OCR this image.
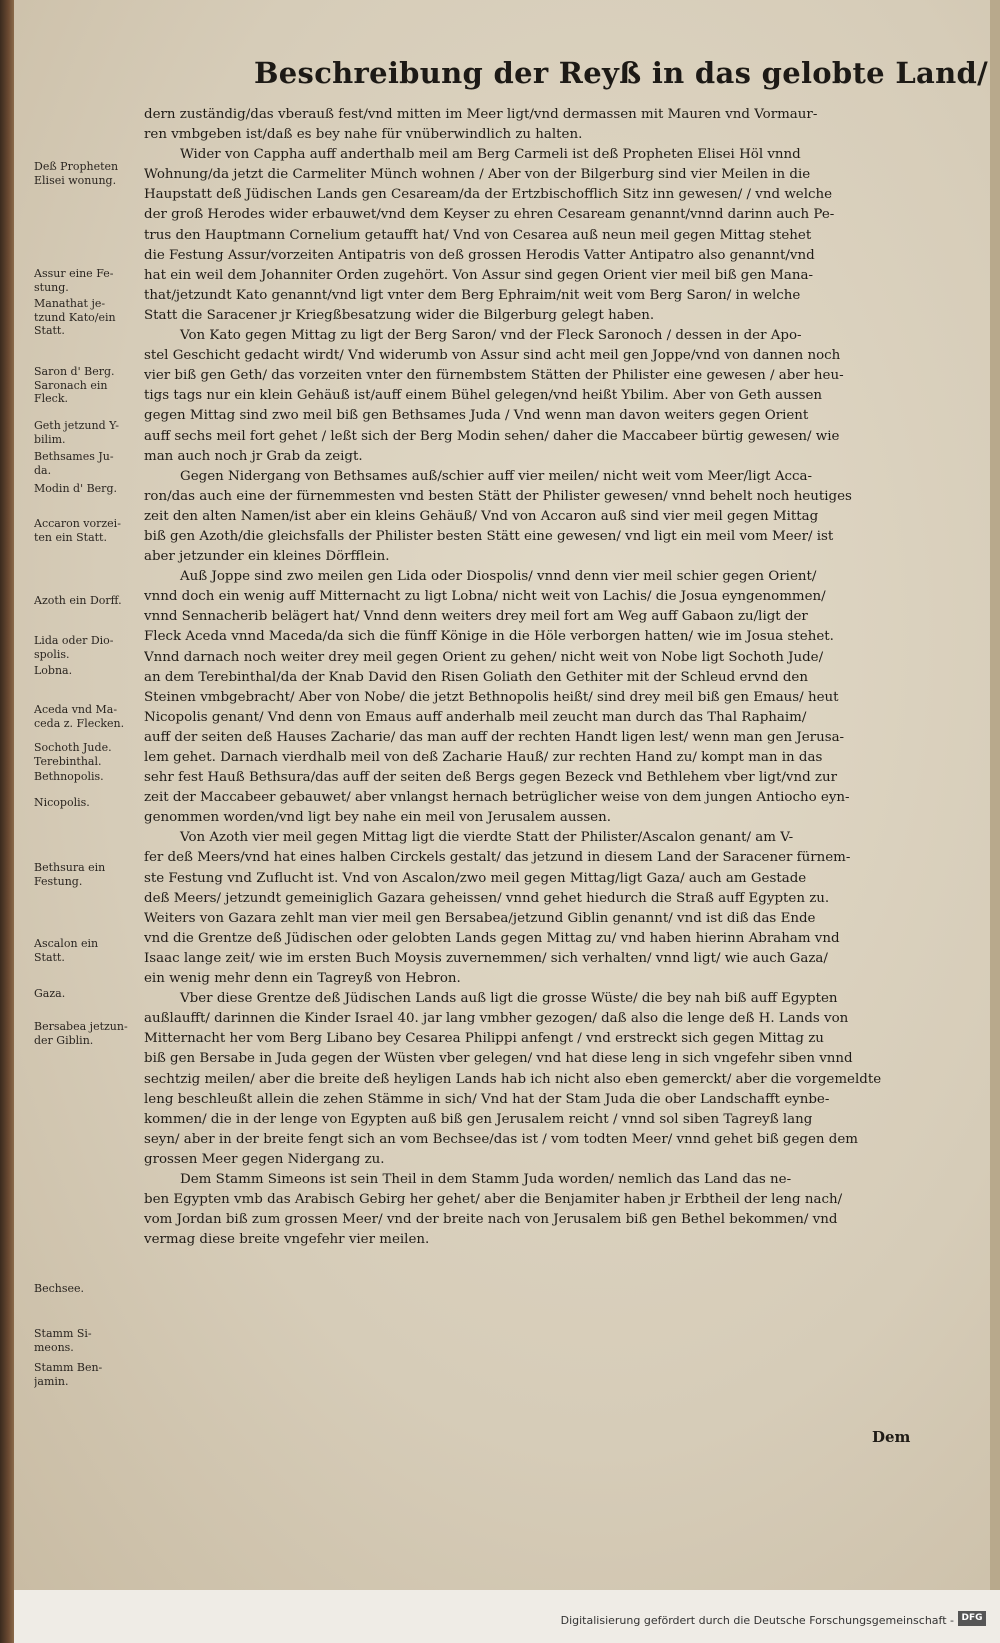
Beschreibung der Reyß in das gelobte Land/
dern zuständig/das vberauß fest/vnd mitten im Meer ligt/vnd dermassen mit Mauren vnd Vormaur-
ren vmbgeben ist/daß es bey nahe für vnüberwindlich zu halten.
Wider von Cappha auff anderthalb meil am Berg Carmeli ist deß Propheten Elisei Höl vnnd
Wohnung/da jetzt die Carmeliter Münch wohnen / Aber von der Bilgerburg sind vier Meilen in die
Haupstatt deß Jüdischen Lands gen Cesaream/da der Ertzbischofflich Sitz inn gewesen/ / vnd welche
der groß Herodes wider erbauwet/vnd dem Keyser zu ehren Cesaream genannt/vnnd darinn auch Pe-
trus den Hauptmann Cornelium getaufft hat/ Vnd von Cesarea auß neun meil gegen Mittag stehet
die Festung Assur/vorzeiten Antipatris von deß grossen Herodis Vatter Antipatro also genannt/vnd
hat ein weil dem Johanniter Orden zugehört. Von Assur sind gegen Orient vier meil biß gen Mana-
that/jetzundt Kato genannt/vnd ligt vnter dem Berg Ephraim/nit weit vom Berg Saron/ in welche
Statt die Saracener jr Kriegßbesatzung wider die Bilgerburg gelegt haben.
Von Kato gegen Mittag zu ligt der Berg Saron/ vnd der Fleck Saronoch / dessen in der Apo-
stel Geschicht gedacht wirdt/ Vnd widerumb von Assur sind acht meil gen Joppe/vnd von dannen noch
vier biß gen Geth/ das vorzeiten vnter den fürnembstem Stätten der Philister eine gewesen / aber heu-
tigs tags nur ein klein Gehäuß ist/auff einem Bühel gelegen/vnd heißt Ybilim. Aber von Geth aussen
gegen Mittag sind zwo meil biß gen Bethsames Juda / Vnd wenn man davon weiters gegen Orient
auff sechs meil fort gehet / leßt sich der Berg Modin sehen/ daher die Maccabeer bürtig gewesen/ wie
man auch noch jr Grab da zeigt.
Gegen Nidergang von Bethsames auß/schier auff vier meilen/ nicht weit vom Meer/ligt Acca-
ron/das auch eine der fürnemmesten vnd besten Stätt der Philister gewesen/ vnnd behelt noch heutiges
zeit den alten Namen/ist aber ein kleins Gehäuß/ Vnd von Accaron auß sind vier meil gegen Mittag
biß gen Azoth/die gleichsfalls der Philister besten Stätt eine gewesen/ vnd ligt ein meil vom Meer/ ist
aber jetzunder ein kleines Dörfflein.
Auß Joppe sind zwo meilen gen Lida oder Diospolis/ vnnd denn vier meil schier gegen Orient/
vnnd doch ein wenig auff Mitternacht zu ligt Lobna/ nicht weit von Lachis/ die Josua eyngenommen/
vnnd Sennacherib belägert hat/ Vnnd denn weiters drey meil fort am Weg auff Gabaon zu/ligt der
Fleck Aceda vnnd Maceda/da sich die fünff Könige in die Höle verborgen hatten/ wie im Josua stehet.
Vnnd darnach noch weiter drey meil gegen Orient zu gehen/ nicht weit von Nobe ligt Sochoth Jude/
an dem Terebinthal/da der Knab David den Risen Goliath den Gethiter mit der Schleud ervnd den
Steinen vmbgebracht/ Aber von Nobe/ die jetzt Bethnopolis heißt/ sind drey meil biß gen Emaus/ heut
Nicopolis genant/ Vnd denn von Emaus auff anderhalb meil zeucht man durch das Thal Raphaim/
auff der seiten deß Hauses Zacharie/ das man auff der rechten Handt ligen lest/ wenn man gen Jerusa-
lem gehet. Darnach vierdhalb meil von deß Zacharie Hauß/ zur rechten Hand zu/ kompt man in das
sehr fest Hauß Bethsura/das auff der seiten deß Bergs gegen Bezeck vnd Bethlehem vber ligt/vnd zur
zeit der Maccabeer gebauwet/ aber vnlangst hernach betrüglicher weise von dem jungen Antiocho eyn-
genommen worden/vnd ligt bey nahe ein meil von Jerusalem aussen.
Von Azoth vier meil gegen Mittag ligt die vierdte Statt der Philister/Ascalon genant/ am V-
fer deß Meers/vnd hat eines halben Circkels gestalt/ das jetzund in diesem Land der Saracener fürnem-
ste Festung vnd Zuflucht ist. Vnd von Ascalon/zwo meil gegen Mittag/ligt Gaza/ auch am Gestade
deß Meers/ jetzundt gemeiniglich Gazara geheissen/ vnnd gehet hiedurch die Straß auff Egypten zu.
Weiters von Gazara zehlt man vier meil gen Bersabea/jetzund Giblin genannt/ vnd ist diß das Ende
vnd die Grentze deß Jüdischen oder gelobten Lands gegen Mittag zu/ vnd haben hierinn Abraham vnd
Isaac lange zeit/ wie im ersten Buch Moysis zuvernemmen/ sich verhalten/ vnnd ligt/ wie auch Gaza/
ein wenig mehr denn ein Tagreyß von Hebron.
Vber diese Grentze deß Jüdischen Lands auß ligt die grosse Wüste/ die bey nah biß auff Egypten
außlaufft/ darinnen die Kinder Israel 40. jar lang vmbher gezogen/ daß also die lenge deß H. Lands von
Mitternacht her vom Berg Libano bey Cesarea Philippi anfengt / vnd erstreckt sich gegen Mittag zu
biß gen Bersabe in Juda gegen der Wüsten vber gelegen/ vnd hat diese leng in sich vngefehr siben vnnd
sechtzig meilen/ aber die breite deß heyligen Lands hab ich nicht also eben gemerckt/ aber die vorgemeldte
leng beschleußt allein die zehen Stämme in sich/ Vnd hat der Stam Juda die ober Landschafft eynbe-
kommen/ die in der lenge von Egypten auß biß gen Jerusalem reicht / vnnd sol siben Tagreyß lang
seyn/ aber in der breite fengt sich an vom Bechsee/das ist / vom todten Meer/ vnnd gehet biß gegen dem
grossen Meer gegen Nidergang zu.
Dem Stamm Simeons ist sein Theil in dem Stamm Juda worden/ nemlich das Land das ne-
ben Egypten vmb das Arabisch Gebirg her gehet/ aber die Benjamiter haben jr Erbtheil der leng nach/
vom Jordan biß zum grossen Meer/ vnd der breite nach von Jerusalem biß gen Bethel bekommen/ vnd
vermag diese breite vngefehr vier meilen.
Deß Propheten
Elisei wonung.
Assur eine Fe-
stung.
Manathat je-
tzund Kato/ein
Statt.
Saron d' Berg.
Saronach ein
Fleck.
Geth jetzund Y-
bilim.
Bethsames Ju-
da.
Modin d' Berg.
Accaron vorzei-
ten ein Statt.
Azoth ein Dorff.
Lida oder Dio-
spolis.
Lobna.
Aceda vnd Ma-
ceda z. Flecken.
Sochoth Jude.
Terebinthal.
Bethnopolis.
Nicopolis.
Bethsura ein
Festung.
Ascalon ein
Statt.
Gaza.
Bersabea jetzun-
der Giblin.
Bechsee.
Stamm Si-
meons.
Stamm Ben-
jamin.
Dem
Digitalisierung gefördert durch die Deutsche Forschungsgemeinschaft - DFG
